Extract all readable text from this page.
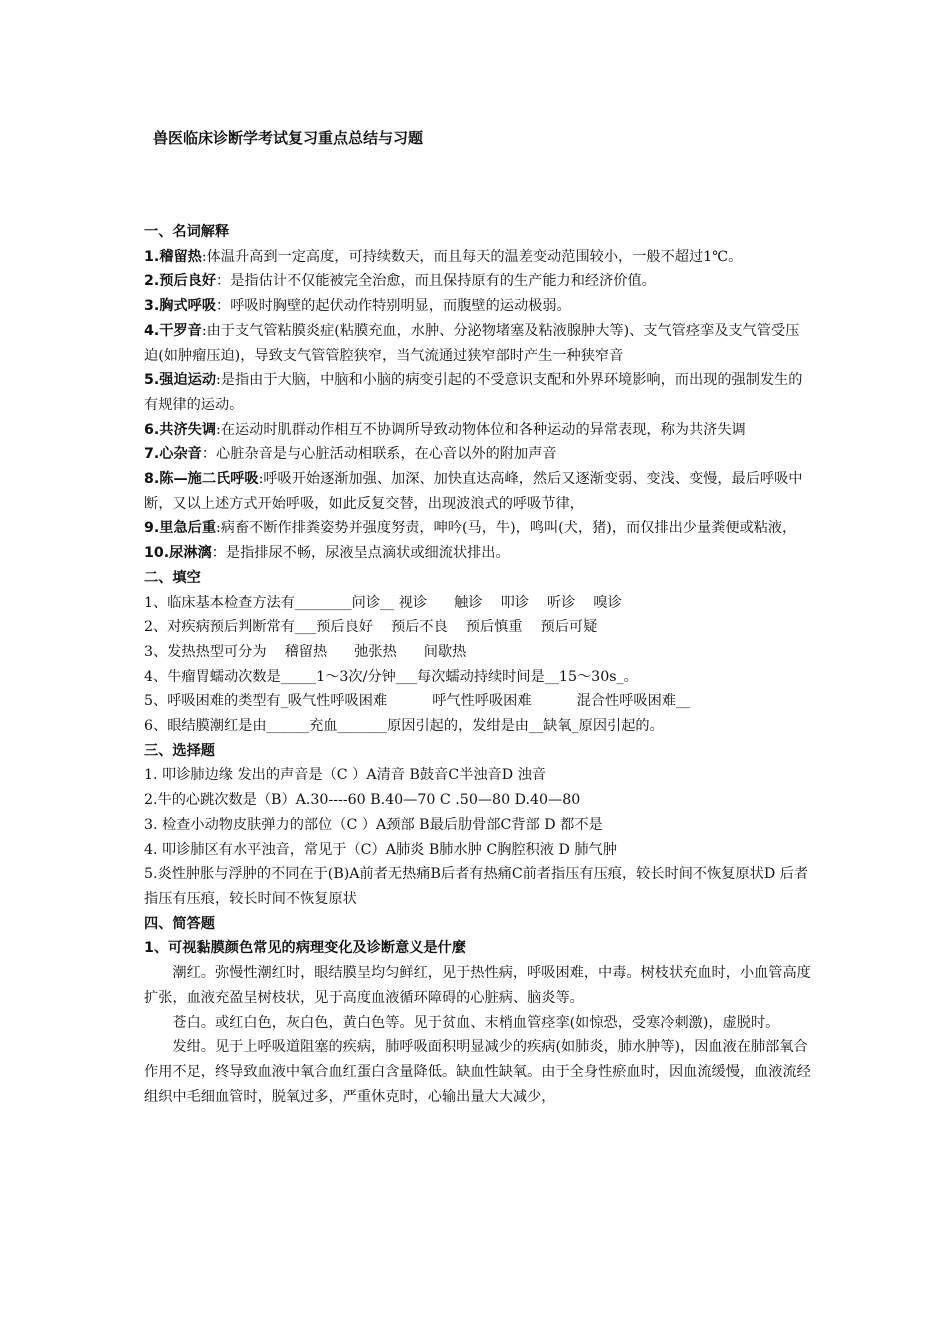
兽医临床诊断学考试复习重点总结与习题

一、名词解释

1.稽留热:体温升高到一定高度，可持续数天，而且每天的温差变动范围较小，一般不超过1℃。

2.预后良好：是指估计不仅能被完全治愈，而且保持原有的生产能力和经济价值。

3.胸式呼吸：呼吸时胸壁的起伏动作特别明显，而腹壁的运动极弱。

4.干罗音:由于支气管粘膜炎症(粘膜充血，水肿、分泌物堵塞及粘液腺肿大等)、支气管痉挛及支气管受压迫(如肿瘤压迫)，导致支气管管腔狭窄，当气流通过狭窄部时产生一种狭窄音

5.强迫运动:是指由于大脑，中脑和小脑的病变引起的不受意识支配和外界环境影响，而出现的强制发生的有规律的运动。

6.共济失调:在运动时肌群动作相互不协调所导致动物体位和各种运动的异常表现，称为共济失调

7.心杂音：心脏杂音是与心脏活动相联系，在心音以外的附加声音

8.陈—施二氏呼吸:呼吸开始逐渐加强、加深、加快直达高峰，然后又逐渐变弱、变浅、变慢，最后呼吸中断，又以上述方式开始呼吸，如此反复交替，出现波浪式的呼吸节律，

9.里急后重:病畜不断作排粪姿势并强度努责，呻吟(马，牛)，鸣叫(犬，猪)，而仅排出少量粪便或粘液，

10.尿淋漓：是指排尿不畅，尿液呈点滴状或细流状排出。

二、填空

1、临床基本检查方法有________问诊__ 视诊      触诊    叩诊    听诊    嗅诊

2、对疾病预后判断常有___预后良好    预后不良    预后慎重    预后可疑

3、发热热型可分为    稽留热      弛张热      间歇热

4、牛瘤胃蠕动次数是_____1～3次/分钟___每次蠕动持续时间是__15～30s_。

5、呼吸困难的类型有_吸气性呼吸困难          呼气性呼吸困难          混合性呼吸困难__

6、眼结膜潮红是由______充血_______原因引起的，发绀是由__缺氧_原因引起的。

三、选择题

1. 叩诊肺边缘 发出的声音是（C ）A清音 B鼓音C半浊音D 浊音

2.牛的心跳次数是（B）A.30----60 B.40—70 C .50—80 D.40—80

3. 检查小动物皮肤弹力的部位（C ）A颈部 B最后肋骨部C背部 D 都不是

4. 叩诊肺区有水平浊音，常见于（C）A肺炎 B肺水肿 C胸腔积液 D 肺气肿

5.炎性肿胀与浮肿的不同在于(B)A前者无热痛B后者有热痛C前者指压有压痕，较长时间不恢复原状D 后者指压有压痕，较长时间不恢复原状

四、简答题

1、可视黏膜颜色常见的病理变化及诊断意义是什麼

潮红。弥慢性潮红时，眼结膜呈均匀鲜红，见于热性病，呼吸困难，中毒。树枝状充血时，小血管高度扩张，血液充盈呈树枝状，见于高度血液循环障碍的心脏病、脑炎等。

苍白。或红白色，灰白色，黄白色等。见于贫血、末梢血管痉挛(如惊恐，受寒冷刺激)，虚脱时。

发绀。见于上呼吸道阻塞的疾病，肺呼吸面积明显减少的疾病(如肺炎，肺水肿等)，因血液在肺部氧合作用不足，终导致血液中氧合血红蛋白含量降低。缺血性缺氧。由于全身性瘀血时，因血流缓慢，血液流经组织中毛细血管时，脱氧过多，严重休克时，心输出量大大减少，
